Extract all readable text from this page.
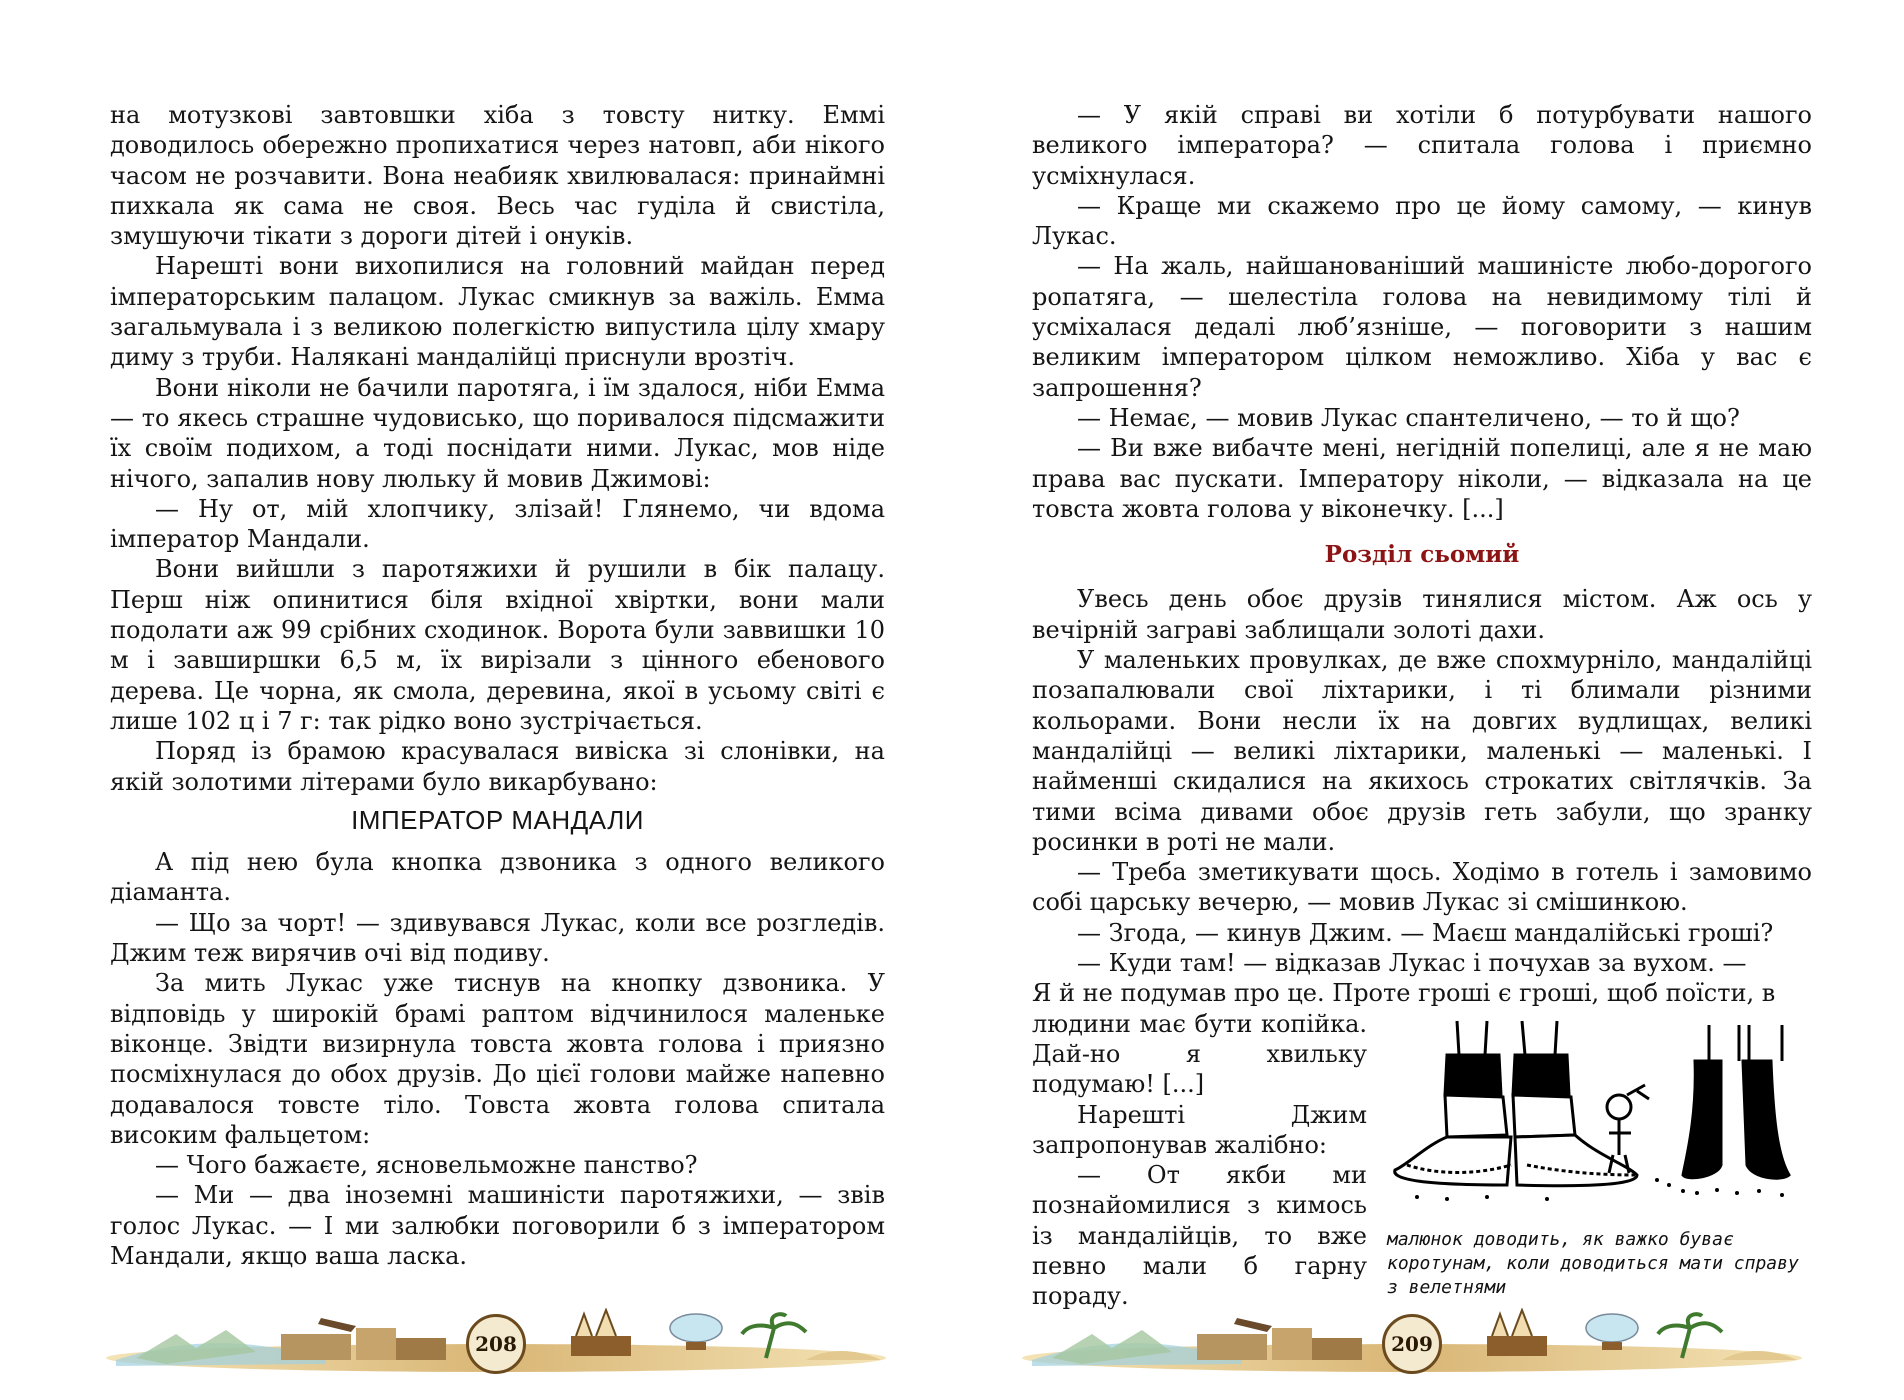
на мотузкові завтовшки хіба з товсту нитку. Еммі доводилось обережно пропихатися через натовп, аби нікого часом не розчавити. Вона неабияк хвилювалася: принаймні пихкала як сама не своя. Весь час гуділа й свистіла, змушуючи тікати з дороги дітей і онуків.

Нарешті вони вихопилися на головний майдан перед імператорським палацом. Лукас смикнув за важіль. Емма загальмувала і з великою полегкістю випустила цілу хмару диму з труби. Налякані мандалійці приснули врозтіч.

Вони ніколи не бачили паротяга, і їм здалося, ніби Емма — то якесь страшне чудовисько, що поривалося підсмажити їх своїм подихом, а тоді поснідати ними. Лукас, мов ніде нічого, запалив нову люльку й мовив Джимові:

— Ну от, мій хлопчику, злізай! Глянемо, чи вдома імператор Мандали.

Вони вийшли з паротяжихи й рушили в бік палацу. Перш ніж опинитися біля вхідної хвіртки, вони мали подолати аж 99 срібних сходинок. Ворота були заввишки 10 м і завширшки 6,5 м, їх вирізали з цінного ебенового дерева. Це чорна, як смола, деревина, якої в усьому світі є лише 102 ц і 7 г: так рідко воно зустрічається.

Поряд із брамою красувалася вивіска зі слонівки, на якій золотими літерами було викарбувано:

ІМПЕРАТОР МАНДАЛИ

А під нею була кнопка дзвоника з одного великого діаманта.

— Що за чорт! — здивувався Лукас, коли все розгледів. Джим теж вирячив очі від подиву.

За мить Лукас уже тиснув на кнопку дзвоника. У відповідь у широкій брамі раптом відчинилося маленьке віконце. Звідти визирнула товста жовта голова і приязно посміхнулася до обох друзів. До цієї голови майже напевно додавалося товсте тіло. Товста жовта голова спитала високим фальцетом:

— Чого бажаєте, ясновельможне панство?

— Ми — два іноземні машиністи паротяжихи, — звів голос Лукас. — І ми залюбки поговорили б з імператором Мандали, якщо ваша ласка.

208

— У якій справі ви хотіли б потурбувати нашого великого імператора? — спитала голова і приємно усміхнулася.

— Краще ми скажемо про це йому самому, — кинув Лукас.

— На жаль, найшанованіший машиністе любо-дорогого ропатяга, — шелестіла голова на невидимому тілі й усміхалася дедалі люб’язніше, — поговорити з нашим великим імператором цілком неможливо. Хіба у вас є запрошення?

— Немає, — мовив Лукас спантеличено, — то й що?

— Ви вже вибачте мені, негідній попелиці, але я не маю права вас пускати. Імператору ніколи, — відказала на це товста жовта голова у віконечку. [...]

Розділ сьомий

Увесь день обоє друзів тинялися містом. Аж ось у вечірній заграві заблищали золоті дахи.

У маленьких провулках, де вже спохмурніло, мандалійці позапалювали свої ліхтарики, і ті блимали різними кольорами. Вони несли їх на довгих вудлищах, великі мандалійці — великі ліхтарики, маленькі — маленькі. І найменші скидалися на якихось строкатих світлячків. За тими всіма дивами обоє друзів геть забули, що зранку росинки в роті не мали.

— Треба зметикувати щось. Ходімо в готель і замовимо собі царську вечерю, — мовив Лукас зі смішинкою.

— Згода, — кинув Джим. — Маєш мандалійські гроші?

— Куди там! — відказав Лукас і почухав за вухом. —

Я й не подумав про це. Проте гроші є гроші, щоб поїсти, в

людини має бути копійка. Дай-но я хвильку подумаю! [...]

Нарешті Джим запропонував жалібно:

— От якби ми познайомилися з кимось із мандалійців, то вже певно мали б гарну пораду.

малюнок доводить, як важко буває коротунам, коли доводиться мати справу з велетнями
209
